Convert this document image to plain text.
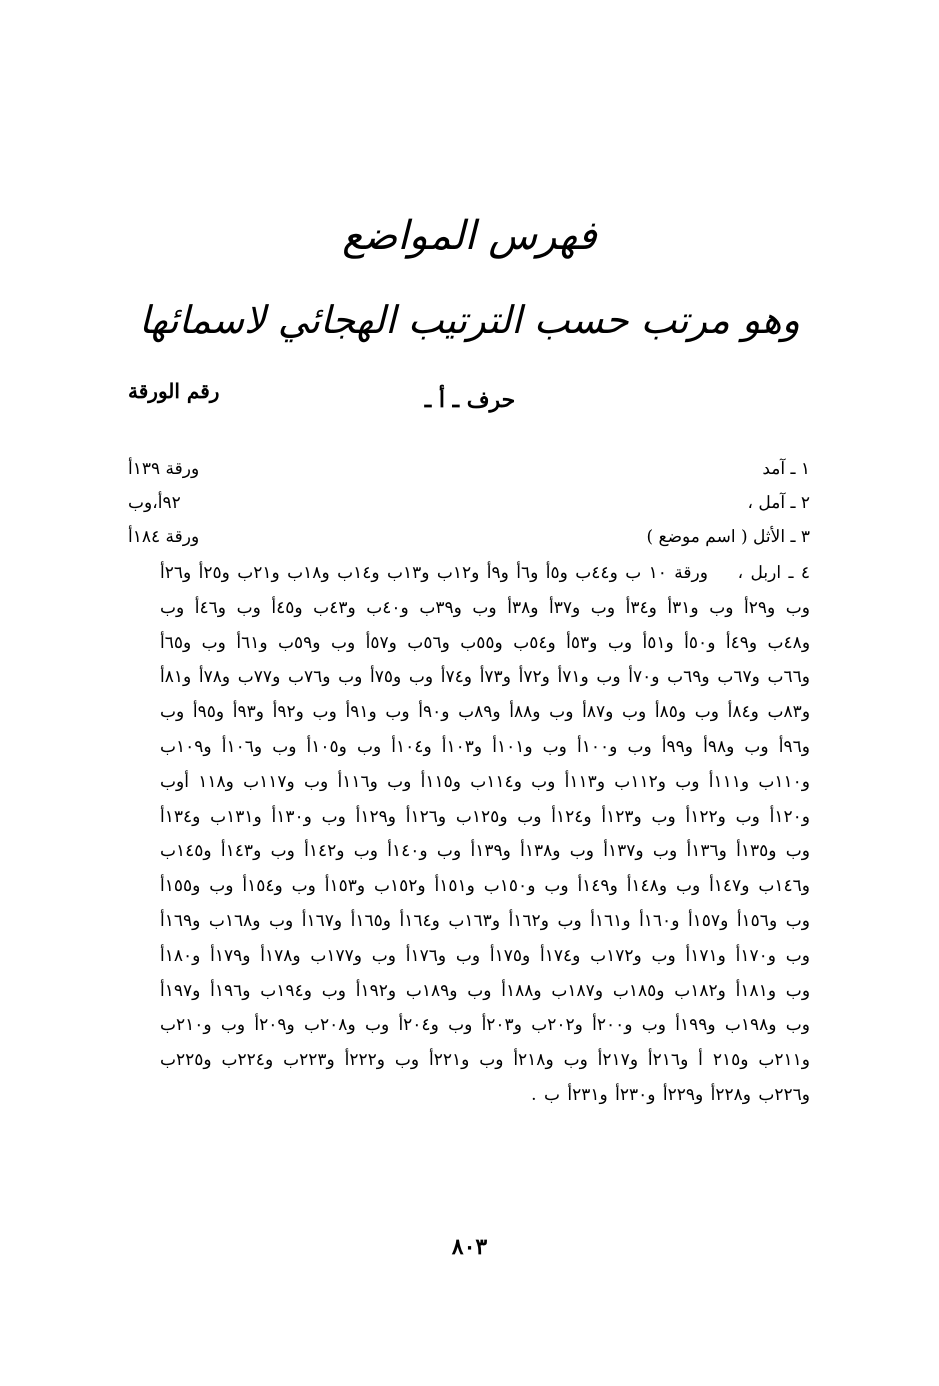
فهرس المواضع
وهو مرتب حسب الترتيب الهجائي لاسمائها
رقم الورقة	حرف ـ أ ـ
١ ـ آمد
ورقة ١٣٩أ
٢ ـ آمل ،
٩٢أ،وب
٣ ـ الأثل ( اسم موضع )
ورقة ١٨٤أ
٤ ـ اربل ،    ورقة ١٠ ب و٤٤ب و٥أ و٦أ و٩أ و١٢ب و١٣ب و١٤ب و١٨ب و٢١ب و٢٥أ و٢٦أ وب و٢٩أ وب و٣١أ و٣٤أ وب و٣٧أ و٣٨أ وب و٣٩ب و٤٠ب و٤٣ب و٤٥أ وب و٤٦أ وب و٤٨ب و٤٩أ و٥٠أ و٥١أ وب و٥٣أ و٥٤ب و٥٥ب و٥٦ب و٥٧أ وب و٥٩ب و٦١أ وب و٦٥أ و٦٦ب و٦٧ب و٦٩ب و٧٠أ وب و٧١أ و٧٢أ و٧٣أ و٧٤أ وب و٧٥أ وب و٧٦ب و٧٧ب و٧٨أ و٨١أ و٨٣ب و٨٤أ وب و٨٥أ وب و٨٧أ وب و٨٨أ و٨٩ب و٩٠أ وب و٩١أ وب و٩٢أ و٩٣أ و٩٥أ وب و٩٦أ وب و٩٨أ و٩٩أ وب و١٠٠أ وب و١٠١أ و١٠٣أ و١٠٤أ وب و١٠٥أ وب و١٠٦أ و١٠٩ب و١١٠ب و١١١أ وب و١١٢ب و١١٣أ وب و١١٤ب و١١٥أ وب و١١٦أ وب و١١٧ب و١١٨ أوب و١٢٠أ وب و١٢٢أ وب و١٢٣أ و١٢٤أ وب و١٢٥ب و١٢٦أ و١٢٩أ وب و١٣٠أ و١٣١ب و١٣٤أ وب و١٣٥أ و١٣٦أ وب و١٣٧أ وب و١٣٨أ و١٣٩أ وب و١٤٠أ وب و١٤٢أ وب و١٤٣أ و١٤٥ب و١٤٦ب و١٤٧أ وب و١٤٨أ و١٤٩أ وب و١٥٠ب و١٥١أ و١٥٢ب و١٥٣أ وب و١٥٤أ وب و١٥٥أ وب و١٥٦أ و١٥٧أ و١٦٠أ و١٦١أ وب و١٦٢أ و١٦٣ب و١٦٤أ و١٦٥أ و١٦٧أ وب و١٦٨ب و١٦٩أ وب و١٧٠أ و١٧١أ وب و١٧٢ب و١٧٤أ و١٧٥أ وب و١٧٦أ وب و١٧٧ب و١٧٨أ و١٧٩أ و١٨٠أ وب و١٨١أ و١٨٢ب و١٨٥ب و١٨٧ب و١٨٨أ وب و١٨٩ب و١٩٢أ وب و١٩٤ب و١٩٦أ و١٩٧أ وب و١٩٨ب و١٩٩أ وب و٢٠٠أ و٢٠٢ب و٢٠٣أ وب و٢٠٤أ وب و٢٠٨ب و٢٠٩أ وب و٢١٠ب و٢١١ب و٢١٥ أ و٢١٦أ و٢١٧أ وب و٢١٨أ وب و٢٢١أ وب و٢٢٢أ و٢٢٣ب و٢٢٤ب و٢٢٥ب و٢٢٦ب و٢٢٨أ و٢٢٩أ و٢٣٠أ و٢٣١أ ب .
٨٠٣
